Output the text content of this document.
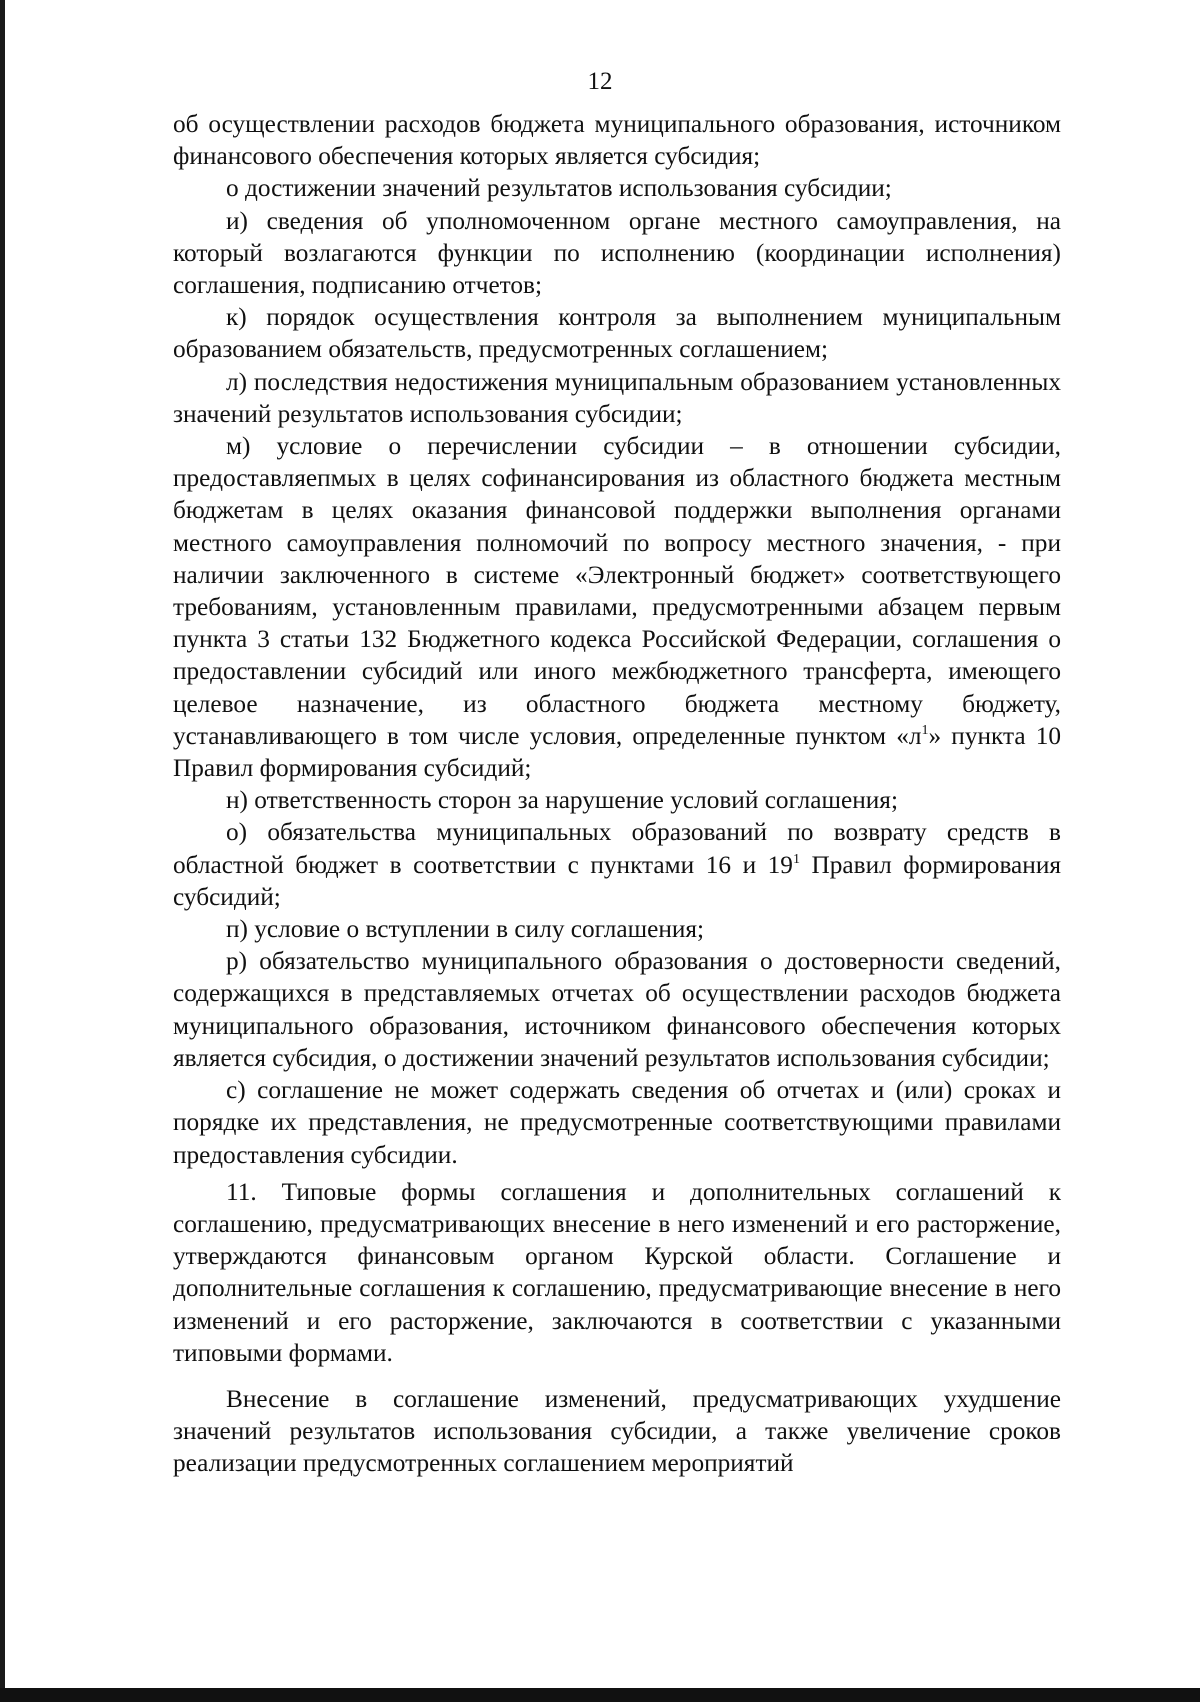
12

об осуществлении расходов бюджета муниципального образования, источником финансового обеспечения которых является субсидия;

о достижении значений результатов использования субсидии;

и) сведения об уполномоченном органе местного самоуправления, на который возлагаются функции по исполнению (координации исполнения) соглашения, подписанию отчетов;

к) порядок осуществления контроля за выполнением муниципальным образованием обязательств, предусмотренных соглашением;

л) последствия недостижения муниципальным образованием установленных значений результатов использования субсидии;

м) условие о перечислении субсидии – в отношении субсидии, предоставляепмых в целях софинансирования из областного бюджета местным бюджетам в целях оказания финансовой поддержки выполнения органами местного самоуправления полномочий по вопросу местного значения, - при наличии заключенного в системе «Электронный бюджет» соответствующего требованиям, установленным правилами, предусмотренными абзацем первым пункта 3 статьи 132 Бюджетного кодекса Российской Федерации, соглашения о предоставлении субсидий или иного межбюджетного трансферта, имеющего целевое назначение, из областного бюджета местному бюджету, устанавливающего в том числе условия, определенные пунктом «$л^1$» пункта 10 Правил формирования субсидий;

н) ответственность сторон за нарушение условий соглашения;

о) обязательства муниципальных образований по возврату средств в областной бюджет в соответствии с пунктами 16 и $19^1$ Правил формирования субсидий;

п) условие о вступлении в силу соглашения;

р) обязательство муниципального образования о достоверности сведений, содержащихся в представляемых отчетах об осуществлении расходов бюджета муниципального образования, источником финансового обеспечения которых является субсидия, о достижении значений результатов использования субсидии;

с) соглашение не может содержать сведения об отчетах и (или) сроках и порядке их представления, не предусмотренные соответствующими правилами предоставления субсидии.

11. Типовые формы соглашения и дополнительных соглашений к соглашению, предусматривающих внесение в него изменений и его расторжение, утверждаются финансовым органом Курской области. Соглашение и дополнительные соглашения к соглашению, предусматривающие внесение в него изменений и его расторжение, заключаются в соответствии с указанными типовыми формами.

Внесение в соглашение изменений, предусматривающих ухудшение значений результатов использования субсидии, а также увеличение сроков реализации предусмотренных соглашением мероприятий
